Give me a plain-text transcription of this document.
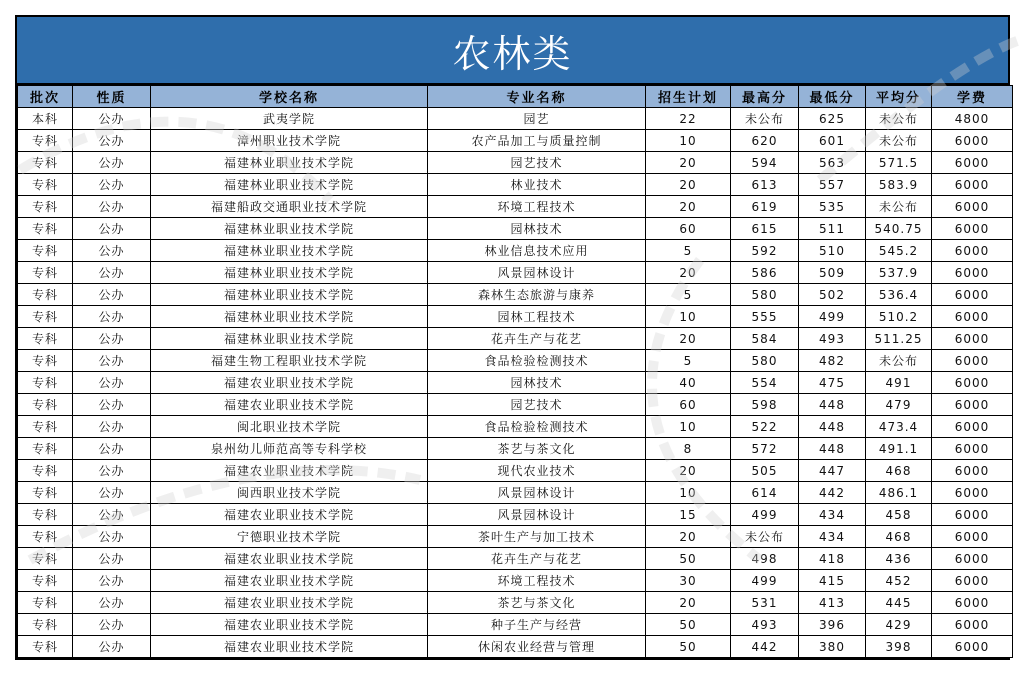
农林类
批次	性质	学校名称	专业名称	招生计划	最高分	最低分	平均分	学费
本科	公办	武夷学院	园艺	22	未公布	625	未公布	4800
专科	公办	漳州职业技术学院	农产品加工与质量控制	10	620	601	未公布	6000
专科	公办	福建林业职业技术学院	园艺技术	20	594	563	571.5	6000
专科	公办	福建林业职业技术学院	林业技术	20	613	557	583.9	6000
专科	公办	福建船政交通职业技术学院	环境工程技术	20	619	535	未公布	6000
专科	公办	福建林业职业技术学院	园林技术	60	615	511	540.75	6000
专科	公办	福建林业职业技术学院	林业信息技术应用	5	592	510	545.2	6000
专科	公办	福建林业职业技术学院	风景园林设计	20	586	509	537.9	6000
专科	公办	福建林业职业技术学院	森林生态旅游与康养	5	580	502	536.4	6000
专科	公办	福建林业职业技术学院	园林工程技术	10	555	499	510.2	6000
专科	公办	福建林业职业技术学院	花卉生产与花艺	20	584	493	511.25	6000
专科	公办	福建生物工程职业技术学院	食品检验检测技术	5	580	482	未公布	6000
专科	公办	福建农业职业技术学院	园林技术	40	554	475	491	6000
专科	公办	福建农业职业技术学院	园艺技术	60	598	448	479	6000
专科	公办	闽北职业技术学院	食品检验检测技术	10	522	448	473.4	6000
专科	公办	泉州幼儿师范高等专科学校	茶艺与茶文化	8	572	448	491.1	6000
专科	公办	福建农业职业技术学院	现代农业技术	20	505	447	468	6000
专科	公办	闽西职业技术学院	风景园林设计	10	614	442	486.1	6000
专科	公办	福建农业职业技术学院	风景园林设计	15	499	434	458	6000
专科	公办	宁德职业技术学院	茶叶生产与加工技术	20	未公布	434	468	6000
专科	公办	福建农业职业技术学院	花卉生产与花艺	50	498	418	436	6000
专科	公办	福建农业职业技术学院	环境工程技术	30	499	415	452	6000
专科	公办	福建农业职业技术学院	茶艺与茶文化	20	531	413	445	6000
专科	公办	福建农业职业技术学院	种子生产与经营	50	493	396	429	6000
专科	公办	福建农业职业技术学院	休闲农业经营与管理	50	442	380	398	6000
